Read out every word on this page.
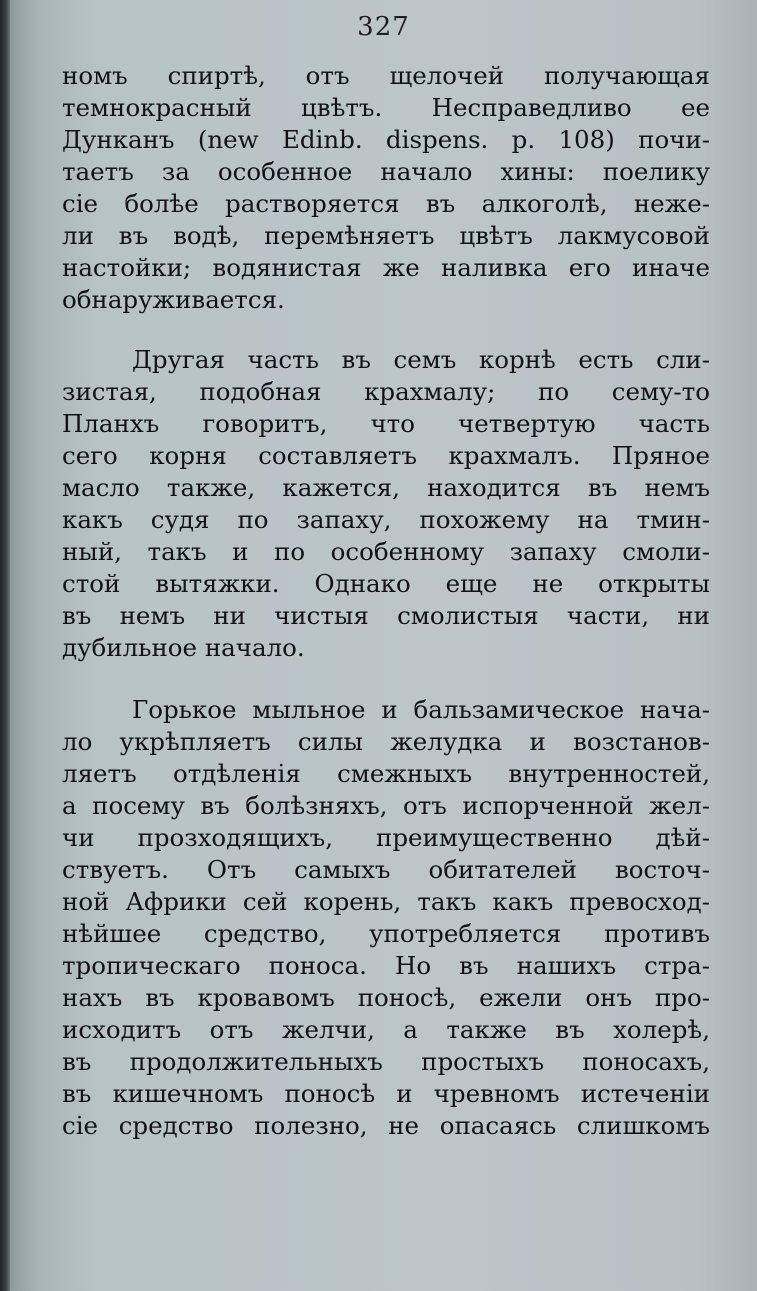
327
номъ спиртѣ, отъ щелочей получающая
темнокрасный цвѣтъ. Несправедливо ее
Дунканъ (new Edinb. dispens. p. 108) почи-
таетъ за особенное начало хины: поелику
сіе болѣе растворяется въ алкоголѣ, нежe-
ли въ водѣ, перемѣняетъ цвѣтъ лакмусовой
настойки; водянистая же наливка его иначе
обнаруживается.
Другая часть въ семъ корнѣ есть сли-
зистая, подобная крахмалу; по сему-то
Планхъ говоритъ, что четвертую часть
сего корня составляетъ крахмалъ. Пряное
масло также, кажется, находится въ немъ
какъ судя по запаху, похожему на тмин-
ный, такъ и по особенному запаху смоли-
стой вытяжки. Однако еще не открыты
въ немъ ни чистыя смолистыя части, ни
дубильное начало.
Горькое мыльное и бальзамическое нача-
ло укрѣпляетъ силы желудка и возстанов-
ляетъ отдѣленія смежныхъ внутренностей,
а посему въ болѣзняхъ, отъ испорченной жел-
чи прозходящихъ, преимущественно дѣй-
ствуетъ. Отъ самыхъ обитателей восточ-
ной Африки сей корень, такъ какъ превосход-
нѣйшее средство, употребляется противъ
тропическаго поноса. Но въ нашихъ стра-
нахъ въ кровавомъ поносѣ, ежели онъ про-
исходитъ отъ желчи, а также въ холерѣ,
въ продолжительныхъ простыхъ поносахъ,
въ кишечномъ поносѣ и чревномъ истеченіи
сіе средство полезно, не опасаясь слишкомъ
